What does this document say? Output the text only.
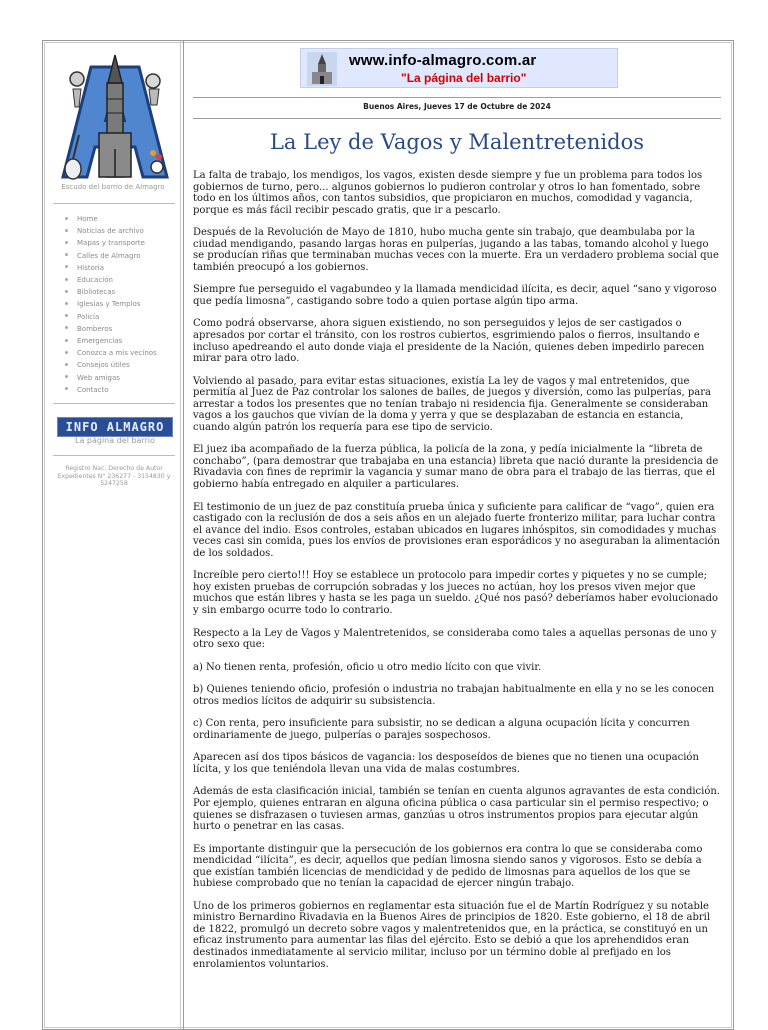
Escudo del barrio de Almagro
Home
Noticias de archivo
Mapas y transporte
Calles de Almagro
Historia
Educación
Bibliotecas
Iglesias y Templos
Policía
Bomberos
Emergencias
Conozca a mis vecinos
Consejos útiles
Web amigas
Contacto
INFO ALMAGRO
La página del barrio
Registro Nac. Derecho de Autor Expedientes N° 236277 - 3154830 y 5247258
www.info-almagro.com.ar
"La página del barrio"
Buenos Aires, Jueves 17 de Octubre de 2024
La Ley de Vagos y Malentretenidos

La falta de trabajo, los mendigos, los vagos, existen desde siempre y fue un problema para todos los gobiernos de turno, pero... algunos gobiernos lo pudieron controlar y otros lo han fomentado, sobre todo en los últimos años, con tantos subsidios, que propiciaron en muchos, comodidad y vagancia, porque es más fácil recibir pescado gratis, que ir a pescarlo.

Después de la Revolución de Mayo de 1810, hubo mucha gente sin trabajo, que deambulaba por la ciudad mendigando, pasando largas horas en pulperías, jugando a las tabas, tomando alcohol y luego se producían riñas que terminaban muchas veces con la muerte. Era un verdadero problema social que también preocupó a los gobiernos.

Siempre fue perseguido el vagabundeo y la llamada mendicidad ilícita, es decir, aquel “sano y vigoroso que pedía limosna”, castigando sobre todo a quien portase algún tipo arma.

Como podrá observarse, ahora siguen existiendo, no son perseguidos y lejos de ser castigados o apresados por cortar el tránsito, con los rostros cubiertos, esgrimiendo palos o fierros, insultando e incluso apedreando el auto donde viaja el presidente de la Nación, quienes deben impedirlo parecen mirar para otro lado.

Volviendo al pasado, para evitar estas situaciones, existía La ley de vagos y mal entretenidos, que permitía al Juez de Paz controlar los salones de bailes, de juegos y diversión, como las pulperías, para arrestar a todos los presentes que no tenían trabajo ni residencia fija. Generalmente se consideraban vagos a los gauchos que vivían de la doma y yerra y que se desplazaban de estancia en estancia, cuando algún patrón los requería para ese tipo de servicio.

El juez iba acompañado de la fuerza pública, la policía de la zona, y pedía inicialmente la “libreta de conchabo”, (para demostrar que trabajaba en una estancia) libreta que nació durante la presidencia de Rivadavia con fines de reprimir la vagancia y sumar mano de obra para el trabajo de las tierras, que el gobierno había entregado en alquiler a particulares.

El testimonio de un juez de paz constituía prueba única y suficiente para calificar de “vago”, quien era castigado con la reclusión de dos a seis años en un alejado fuerte fronterizo militar, para luchar contra el avance del indio. Esos controles, estaban ubicados en lugares inhóspitos, sin comodidades y muchas veces casi sin comida, pues los envíos de provisiones eran esporádicos y no aseguraban la alimentación de los soldados.

Increíble pero cierto!!! Hoy se establece un protocolo para impedir cortes y piquetes y no se cumple; hoy existen pruebas de corrupción sobradas y los jueces no actúan, hoy los presos viven mejor que muchos que están libres y hasta se les paga un sueldo. ¿Qué nos pasó? deberíamos haber evolucionado y sin embargo ocurre todo lo contrario.

Respecto a la Ley de Vagos y Malentretenidos, se consideraba como tales a aquellas personas de uno y otro sexo que:

a) No tienen renta, profesión, oficio u otro medio lícito con que vivir.

b) Quienes teniendo oficio, profesión o industria no trabajan habitualmente en ella y no se les conocen otros medios lícitos de adquirir su subsistencia.

c) Con renta, pero insuficiente para subsistir, no se dedican a alguna ocupación lícita y concurren ordinariamente de juego, pulperías o parajes sospechosos.

Aparecen así dos tipos básicos de vagancia: los desposeídos de bienes que no tienen una ocupación lícita, y los que teniéndola llevan una vida de malas costumbres.

Además de esta clasificación inicial, también se tenían en cuenta algunos agravantes de esta condición. Por ejemplo, quienes entraran en alguna oficina pública o casa particular sin el permiso respectivo; o quienes se disfrazasen o tuviesen armas, ganzúas u otros instrumentos propios para ejecutar algún hurto o penetrar en las casas.

Es importante distinguir que la persecución de los gobiernos era contra lo que se consideraba como mendicidad “ilícita”, es decir, aquellos que pedían limosna siendo sanos y vigorosos. Esto se debía a que existían también licencias de mendicidad y de pedido de limosnas para aquellos de los que se hubiese comprobado que no tenían la capacidad de ejercer ningún trabajo.

Uno de los primeros gobiernos en reglamentar esta situación fue el de Martín Rodríguez y su notable ministro Bernardino Rivadavia en la Buenos Aires de principios de 1820. Este gobierno, el 18 de abril de 1822, promulgó un decreto sobre vagos y malentretenidos que, en la práctica, se constituyó en un eficaz instrumento para aumentar las filas del ejército. Esto se debió a que los aprehendidos eran destinados inmediatamente al servicio militar, incluso por un término doble al prefijado en los enrolamientos voluntarios.
